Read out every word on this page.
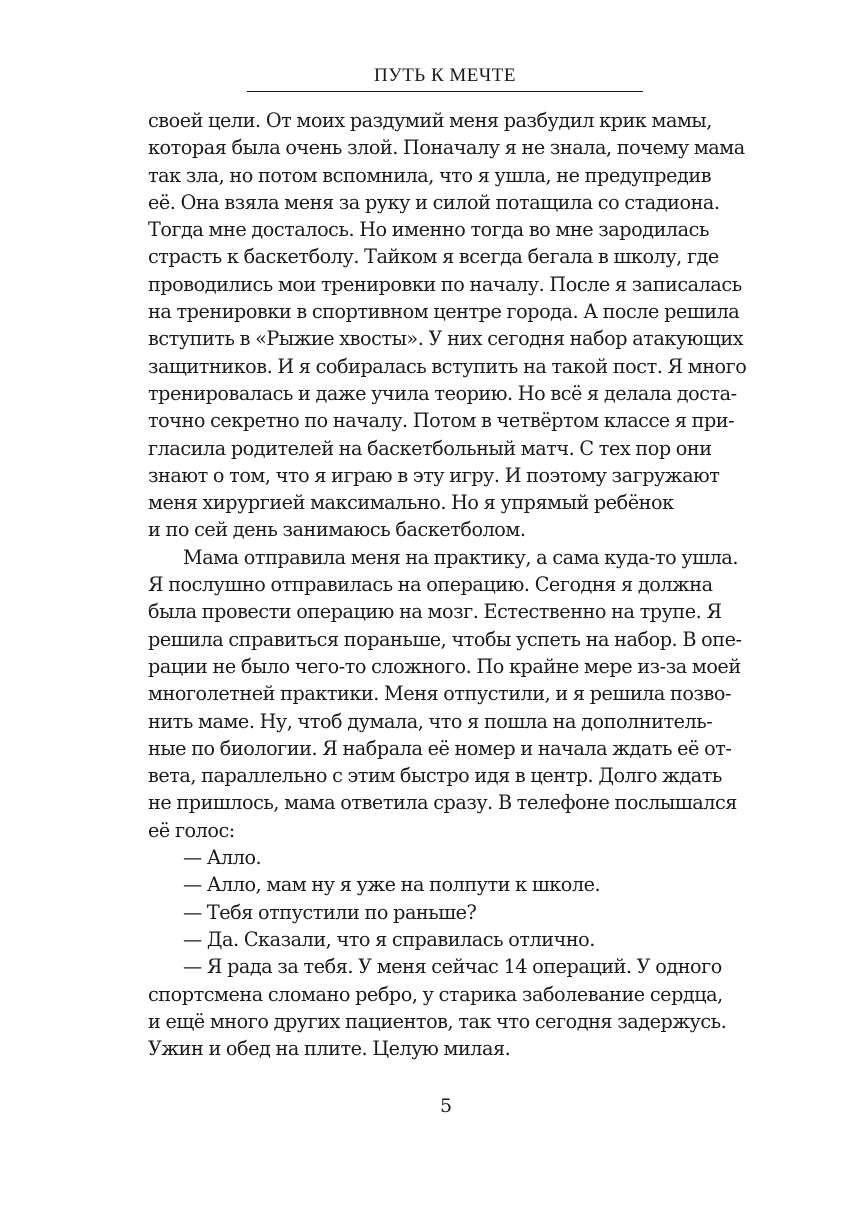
ПУТЬ К МЕЧТЕ
своей цели. От моих раздумий меня разбудил крик мамы,
которая была очень злой. Поначалу я не знала, почему мама
так зла, но потом вспомнила, что я ушла, не предупредив
её. Она взяла меня за руку и силой потащила со стадиона.
Тогда мне досталось. Но именно тогда во мне зародилась
страсть к баскетболу. Тайком я всегда бегала в школу, где
проводились мои тренировки по началу. После я записалась
на тренировки в спортивном центре города. А после решила
вступить в «Рыжие хвосты». У них сегодня набор атакующих
защитников. И я собиралась вступить на такой пост. Я много
тренировалась и даже учила теорию. Но всё я делала доста-
точно секретно по началу. Потом в четвёртом классе я при-
гласила родителей на баскетбольный матч. С тех пор они
знают о том, что я играю в эту игру. И поэтому загружают
меня хирургией максимально. Но я упрямый ребёнок
и по сей день занимаюсь баскетболом.
Мама отправила меня на практику, а сама куда-то ушла.
Я послушно отправилась на операцию. Сегодня я должна
была провести операцию на мозг. Естественно на трупе. Я
решила справиться пораньше, чтобы успеть на набор. В опе-
рации не было чего-то сложного. По крайне мере из-за моей
многолетней практики. Меня отпустили, и я решила позво-
нить маме. Ну, чтоб думала, что я пошла на дополнитель-
ные по биологии. Я набрала её номер и начала ждать её от-
вета, параллельно с этим быстро идя в центр. Долго ждать
не пришлось, мама ответила сразу. В телефоне послышался
её голос:
— Алло.
— Алло, мам ну я уже на полпути к школе.
— Тебя отпустили по раньше?
— Да. Сказали, что я справилась отлично.
— Я рада за тебя. У меня сейчас 14 операций. У одного
спортсмена сломано ребро, у старика заболевание сердца,
и ещё много других пациентов, так что сегодня задержусь.
Ужин и обед на плите. Целую милая.
5
